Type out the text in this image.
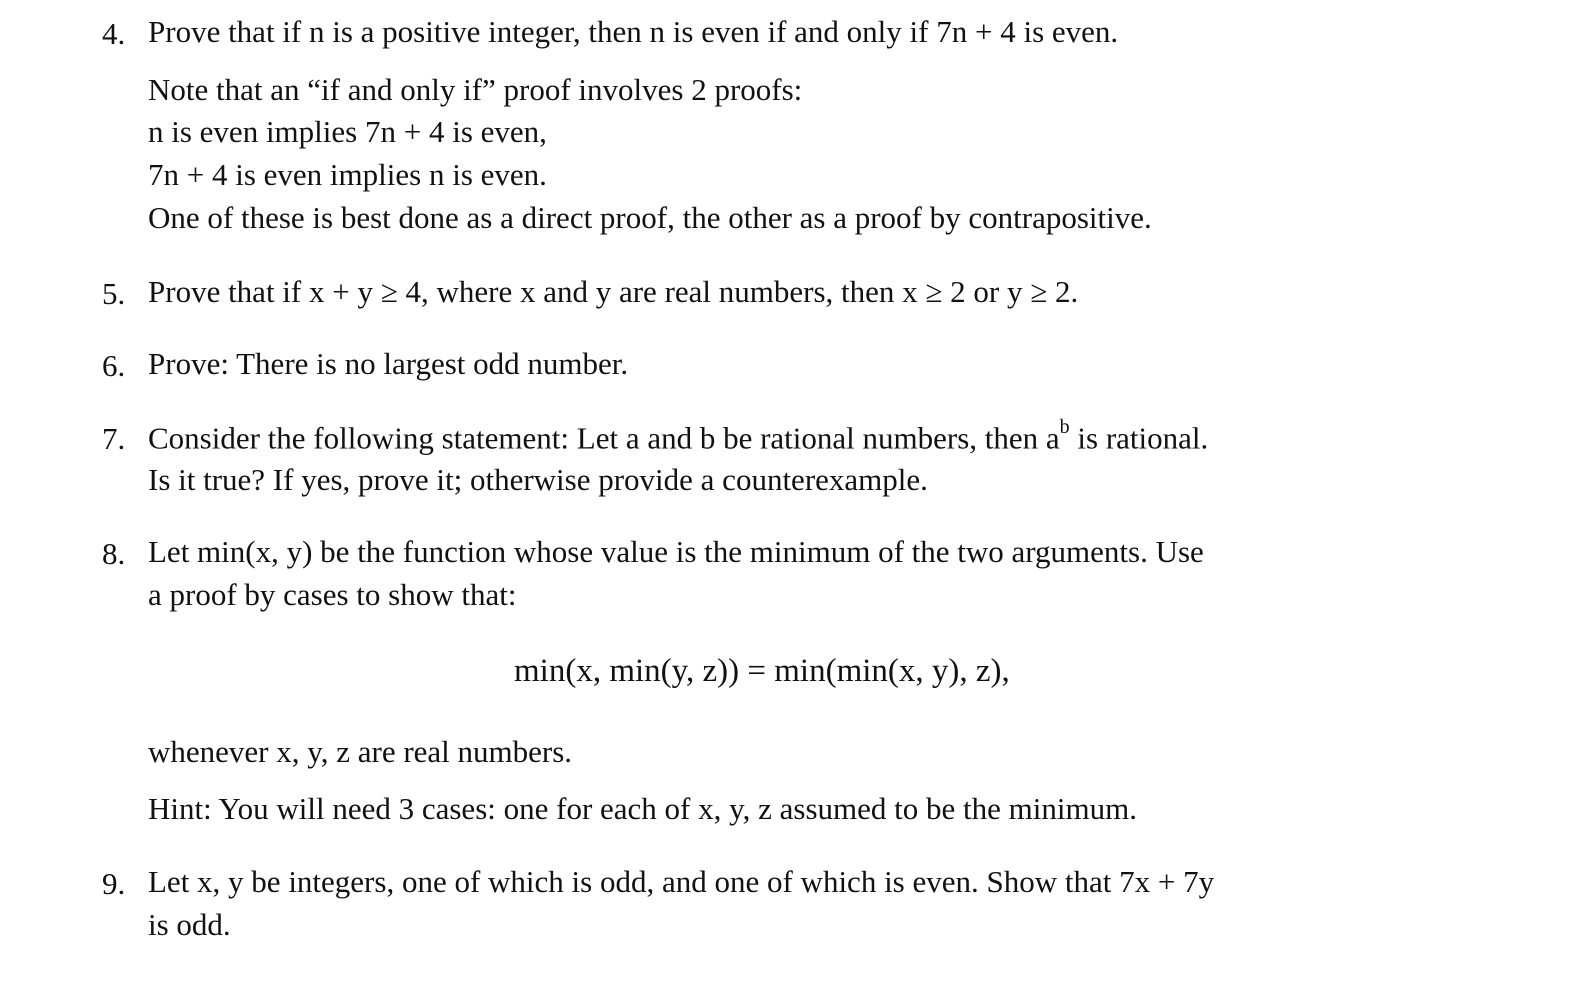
4. Prove that if n is a positive integer, then n is even if and only if 7n + 4 is even.
Note that an “if and only if” proof involves 2 proofs:
n is even implies 7n + 4 is even,
7n + 4 is even implies n is even.
One of these is best done as a direct proof, the other as a proof by contrapositive.
5. Prove that if x + y ≥ 4, where x and y are real numbers, then x ≥ 2 or y ≥ 2.
6. Prove: There is no largest odd number.
7. Consider the following statement: Let a and b be rational numbers, then $a^b$ is rational.
Is it true? If yes, prove it; otherwise provide a counterexample.
8. Let min(x, y) be the function whose value is the minimum of the two arguments. Use
a proof by cases to show that:
min(x, min(y, z)) = min(min(x, y), z),
whenever x, y, z are real numbers.
Hint: You will need 3 cases: one for each of x, y, z assumed to be the minimum.
9. Let x, y be integers, one of which is odd, and one of which is even. Show that 7x + 7y
is odd.
